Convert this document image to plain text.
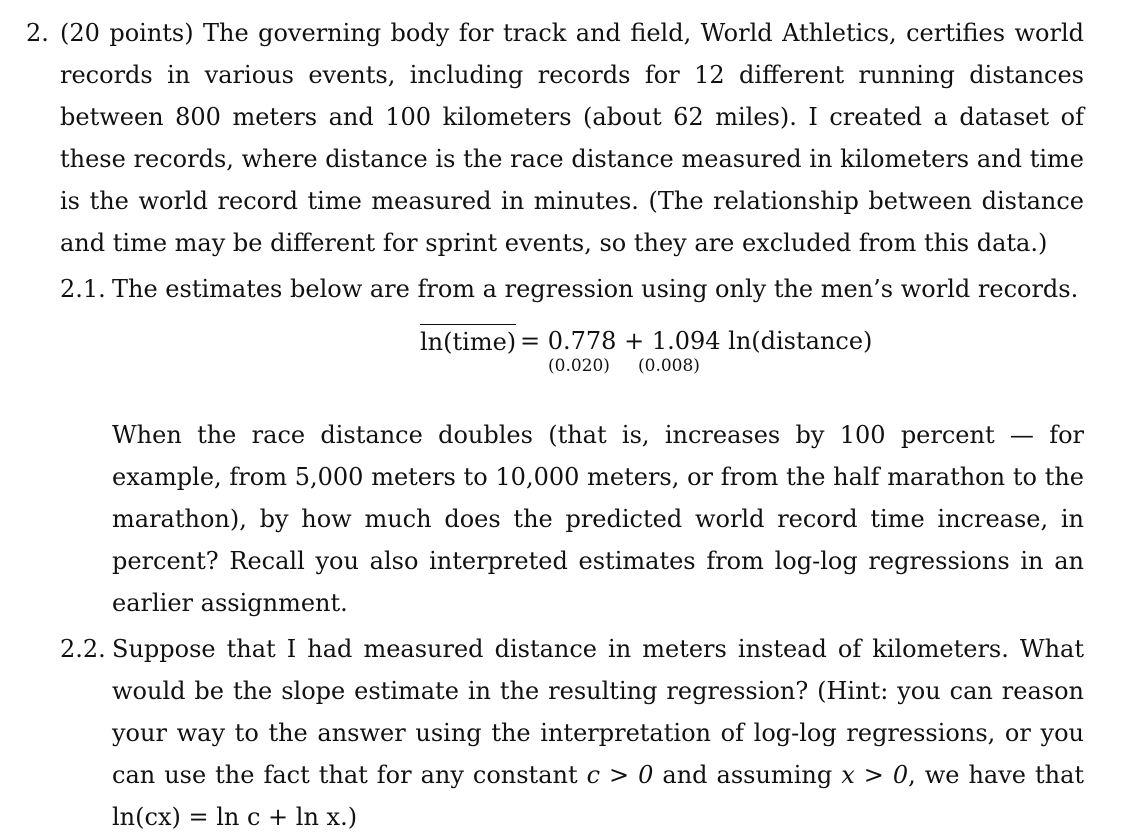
2. (20 points) The governing body for track and field, World Athletics, certifies world records in various events, including records for 12 different running distances between 800 meters and 100 kilometers (about 62 miles). I created a dataset of these records, where distance is the race distance measured in kilometers and time is the world record time measured in minutes. (The relationship between distance and time may be different for sprint events, so they are excluded from this data.)
2.1. The estimates below are from a regression using only the men’s world records.
ln(time) = 0.778 + 1.094 ln(distance)
(0.020) (0.008)
When the race distance doubles (that is, increases by 100 percent — for example, from 5,000 meters to 10,000 meters, or from the half marathon to the marathon), by how much does the predicted world record time increase, in percent? Recall you also interpreted estimates from log-log regressions in an earlier assignment.
2.2. Suppose that I had measured distance in meters instead of kilometers. What would be the slope estimate in the resulting regression? (Hint: you can reason your way to the answer using the interpretation of log-log regressions, or you can use the fact that for any constant c > 0 and assuming x > 0, we have that ln(cx) = ln c + ln x.)
